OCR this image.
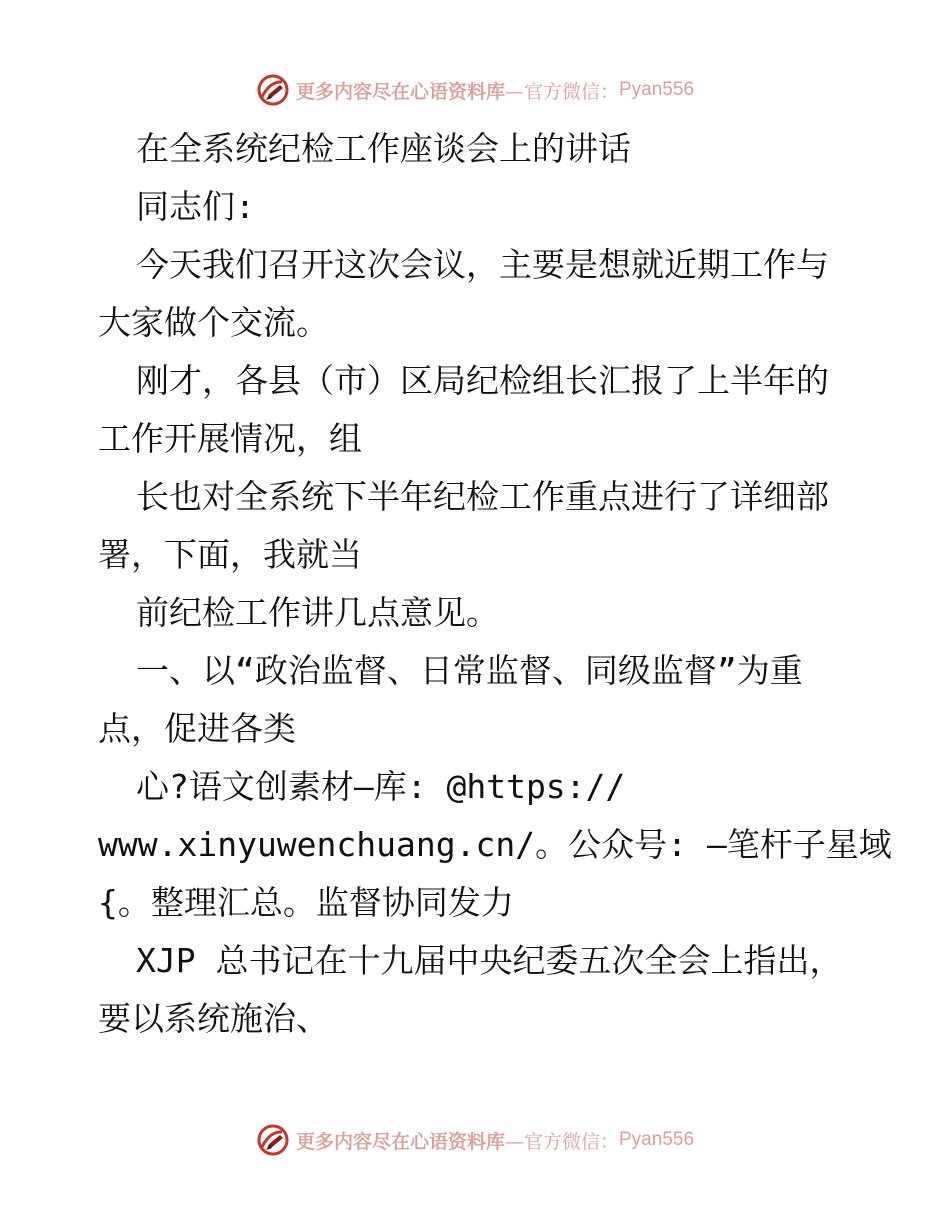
更多内容尽在心语资料库 —官方微信： Pyan556
在全系统纪检工作座谈会上的讲话
同志们:
今天我们召开这次会议，主要是想就近期工作与
大家做个交流。
刚才，各县（市）区局纪检组长汇报了上半年的
工作开展情况，组
长也对全系统下半年纪检工作重点进行了详细部
署，下面，我就当
前纪检工作讲几点意见。
一、以“政治监督、日常监督、同级监督”为重
点，促进各类
心?语文创素材—库: @https://
www.xinyuwenchuang.cn/。公众号: —笔杆子星域
{。整理汇总。监督协同发力
XJP 总书记在十九届中央纪委五次全会上指出，
要以系统施治、
更多内容尽在心语资料库 —官方微信： Pyan556
